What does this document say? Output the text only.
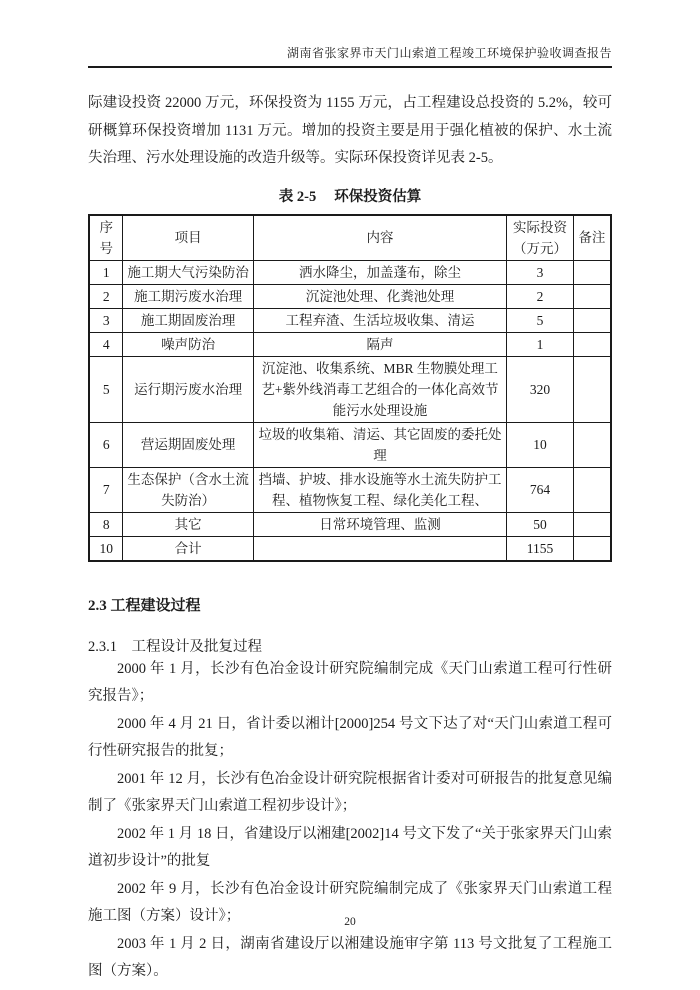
湖南省张家界市天门山索道工程竣工环境保护验收调查报告

际建设投资 22000 万元，环保投资为 1155 万元，占工程建设总投资的 5.2%，较可研概算环保投资增加 1131 万元。增加的投资主要是用于强化植被的保护、水土流失治理、污水处理设施的改造升级等。实际环保投资详见表 2-5。

表 2-5 环保投资估算
序号	项目	内容	实际投资（万元）	备注
1	施工期大气污染防治	洒水降尘，加盖蓬布，除尘	3	
2	施工期污废水治理	沉淀池处理、化粪池处理	2	
3	施工期固废治理	工程弃渣、生活垃圾收集、清运	5	
4	噪声防治	隔声	1	
5	运行期污废水治理	沉淀池、收集系统、MBR 生物膜处理工艺+紫外线消毒工艺组合的一体化高效节能污水处理设施	320	
6	营运期固废处理	垃圾的收集箱、清运、其它固废的委托处理	10	
7	生态保护（含水土流失防治）	挡墙、护坡、排水设施等水土流失防护工程、植物恢复工程、绿化美化工程、	764	
8	其它	日常环境管理、监测	50	
10	合计		1155	
2.3 工程建设过程
2.3.1　工程设计及批复过程

2000 年 1 月，长沙有色冶金设计研究院编制完成《天门山索道工程可行性研究报告》；

2000 年 4 月 21 日，省计委以湘计[2000]254 号文下达了对“天门山索道工程可行性研究报告的批复；

2001 年 12 月，长沙有色冶金设计研究院根据省计委对可研报告的批复意见编制了《张家界天门山索道工程初步设计》；

2002 年 1 月 18 日，省建设厅以湘建[2002]14 号文下发了“关于张家界天门山索道初步设计”的批复

2002 年 9 月，长沙有色冶金设计研究院编制完成了《张家界天门山索道工程施工图（方案）设计》；

2003 年 1 月 2 日，湖南省建设厅以湘建设施审字第 113 号文批复了工程施工图（方案）。

20
